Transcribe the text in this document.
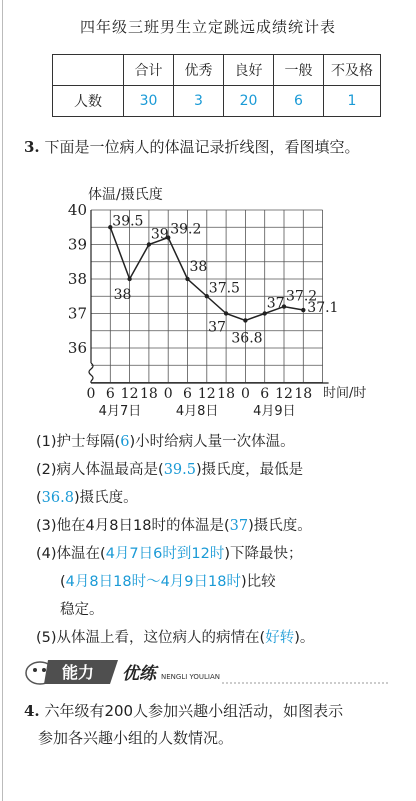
四年级三班男生立定跳远成绩统计表
	合计	优秀	良好	一般	不及格
人数	30	3	20	6	1
3. 下面是一位病人的体温记录折线图，看图填空。
36
37
38
39
40
0 6 12 18 0 6 12 18 0 6 12 18
4月7日	4月8日	4月9日
39.5
38
39 39.2
38
37.5
37
36.8
37 37.2
37.1
体温/摄氏度
时间/时
(1)护士每隔(6)小时给病人量一次体温。
(2)病人体温最高是(39.5)摄氏度，最低是
(36.8)摄氏度。
(3)他在4月8日18时的体温是(37)摄氏度。
(4)体温在(4月7日6时到12时)下降最快；
(4月8日18时～4月9日18时)比较
稳定。
(5)从体温上看，这位病人的病情在(好转)。
能力 优练 NENGLI YOULIAN
4. 六年级有200人参加兴趣小组活动，如图表示
参加各兴趣小组的人数情况。
